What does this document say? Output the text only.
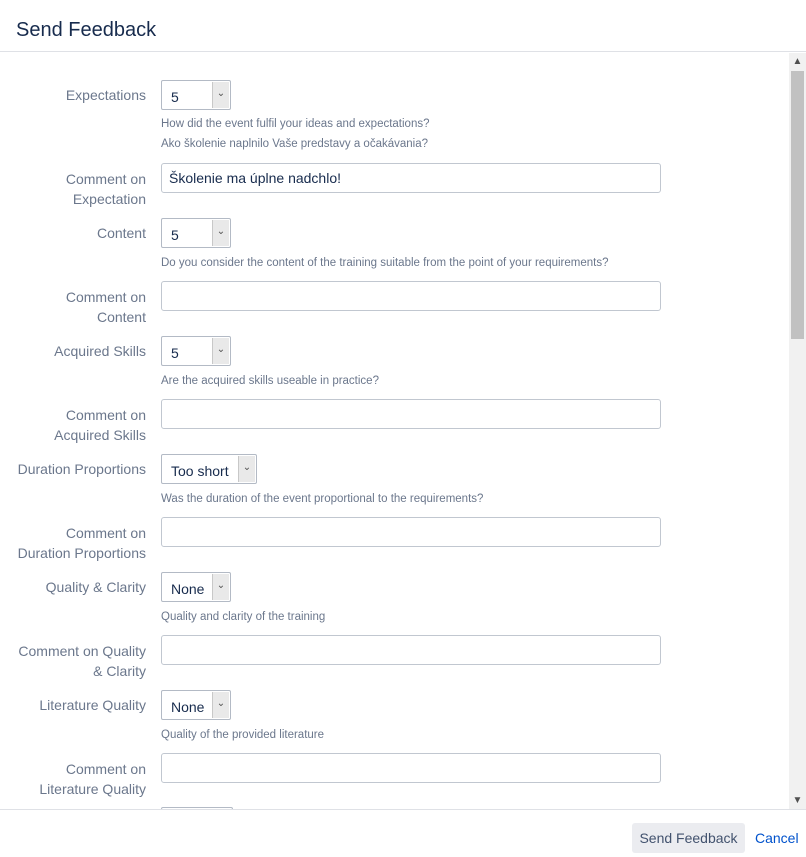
Send Feedback
Expectations 5	⌄
How did the event fulfil your ideas and expectations?
Ako školenie naplnilo Vaše predstavy a očakávania?
Comment on
Expectation
Školenie ma úplne nadchlo!
Content 5	⌄
Do you consider the content of the training suitable from the point of your requirements?
Comment on
Content
Acquired Skills 5	⌄
Are the acquired skills useable in practice?
Comment on
Acquired Skills
Duration Proportions Too short	⌄
Was the duration of the event proportional to the requirements?
Comment on
Duration Proportions
Quality & Clarity None	⌄
Quality and clarity of the training
Comment on Quality
& Clarity
Literature Quality None	⌄
Quality of the provided literature
Comment on
Literature Quality
▲
▼
Send Feedback	Cancel
